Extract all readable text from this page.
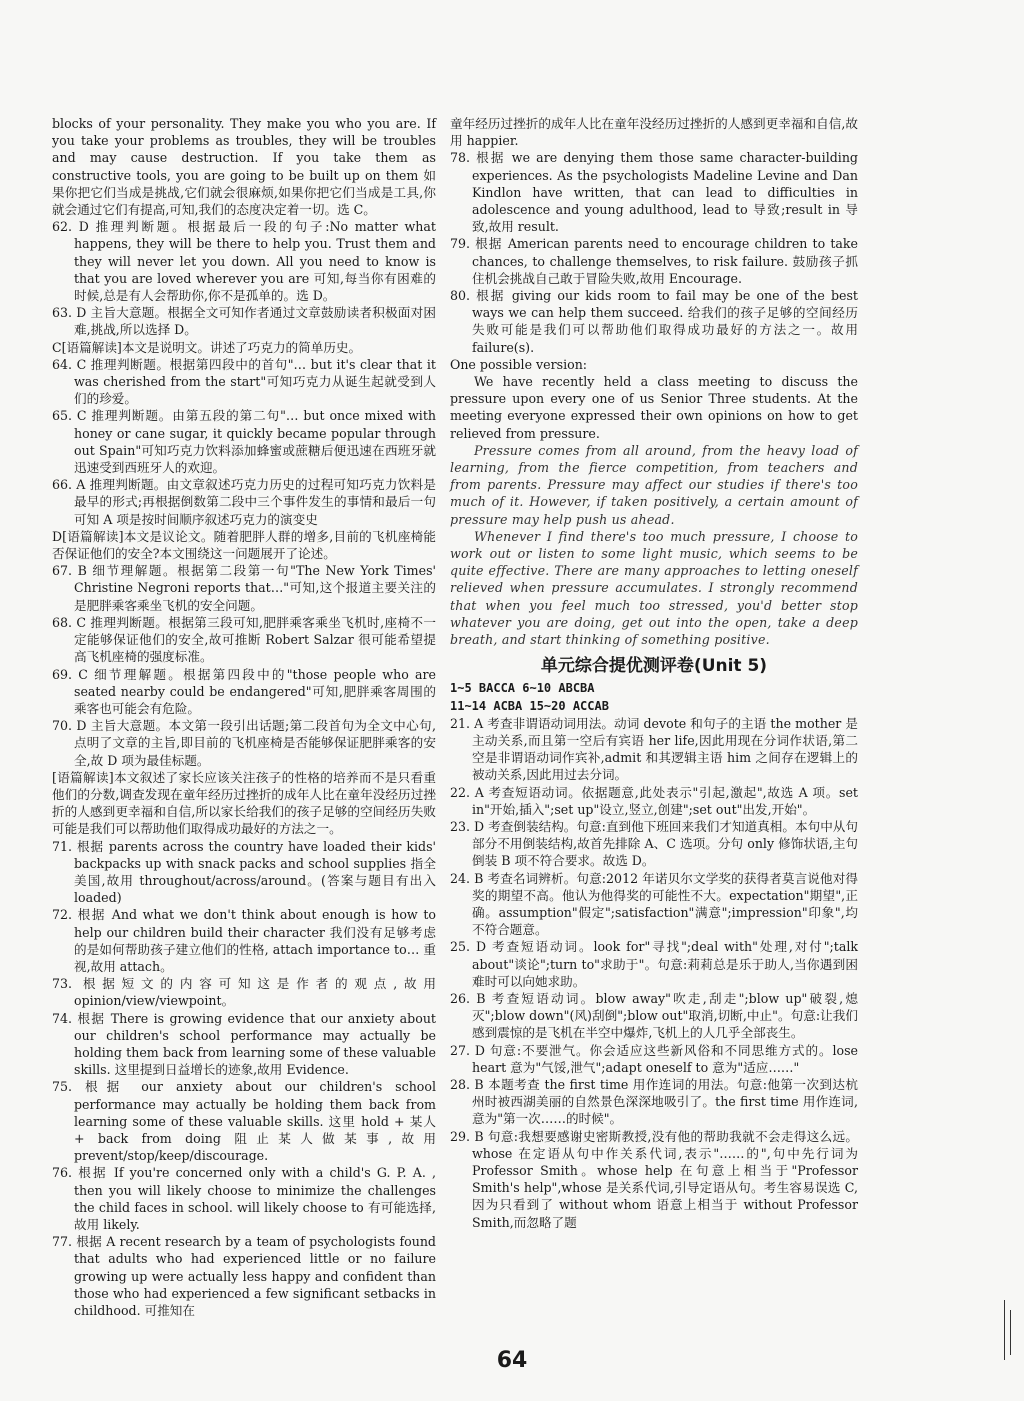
blocks of your personality. They make you who you are. If you take your problems as troubles, they will be troubles and may cause destruction. If you take them as constructive tools, you are going to be built up on them 如果你把它们当成是挑战,它们就会很麻烦,如果你把它们当成是工具,你就会通过它们有提高,可知,我们的态度决定着一切。选 C。

62. D 推理判断题。根据最后一段的句子:No matter what happens, they will be there to help you. Trust them and they will never let you down. All you need to know is that you are loved wherever you are 可知,每当你有困难的时候,总是有人会帮助你,你不是孤单的。选 D。

63. D 主旨大意题。根据全文可知作者通过文章鼓励读者积极面对困难,挑战,所以选择 D。

C[语篇解读]本文是说明文。讲述了巧克力的简单历史。

64. C 推理判断题。根据第四段中的首句"… but it's clear that it was cherished from the start"可知巧克力从诞生起就受到人们的珍爱。

65. C 推理判断题。由第五段的第二句"… but once mixed with honey or cane sugar, it quickly became popular through out Spain"可知巧克力饮料添加蜂蜜或蔗糖后便迅速在西班牙就迅速受到西班牙人的欢迎。

66. A 推理判断题。由文章叙述巧克力历史的过程可知巧克力饮料是最早的形式;再根据倒数第二段中三个事件发生的事情和最后一句可知 A 项是按时间顺序叙述巧克力的演变史

D[语篇解读]本文是议论文。随着肥胖人群的增多,目前的飞机座椅能否保证他们的安全?本文围绕这一问题展开了论述。

67. B 细节理解题。根据第二段第一句"The New York Times' Christine Negroni reports that…"可知,这个报道主要关注的是肥胖乘客乘坐飞机的安全问题。

68. C 推理判断题。根据第三段可知,肥胖乘客乘坐飞机时,座椅不一定能够保证他们的安全,故可推断 Robert Salzar 很可能希望提高飞机座椅的强度标准。

69. C 细节理解题。根据第四段中的"those people who are seated nearby could be endangered"可知,肥胖乘客周围的乘客也可能会有危险。

70. D 主旨大意题。本文第一段引出话题;第二段首句为全文中心句,点明了文章的主旨,即目前的飞机座椅是否能够保证肥胖乘客的安全,故 D 项为最佳标题。

[语篇解读]本文叙述了家长应该关注孩子的性格的培养而不是只看重他们的分数,调查发现在童年经历过挫折的成年人比在童年没经历过挫折的人感到更幸福和自信,所以家长给我们的孩子足够的空间经历失败可能是我们可以帮助他们取得成功最好的方法之一。

71. 根据 parents across the country have loaded their kids' backpacks up with snack packs and school supplies 指全美国,故用 throughout/across/around。(答案与题目有出入 loaded)

72. 根据 And what we don't think about enough is how to help our children build their character 我们没有足够考虑的是如何帮助孩子建立他们的性格, attach importance to… 重视,故用 attach。

73. 根据短文的内容可知这是作者的观点,故用 opinion/view/viewpoint。

74. 根据 There is growing evidence that our anxiety about our children's school performance may actually be holding them back from learning some of these valuable skills. 这里提到日益增长的迹象,故用 Evidence.

75. 根据 our anxiety about our children's school performance may actually be holding them back from learning some of these valuable skills. 这里 hold + 某人 + back from doing 阻止某人做某事,故用 prevent/stop/keep/discourage.

76. 根据 If you're concerned only with a child's G. P. A. , then you will likely choose to minimize the challenges the child faces in school. will likely choose to 有可能选择,故用 likely.

77. 根据 A recent research by a team of psychologists found that adults who had experienced little or no failure growing up were actually less happy and confident than those who had experienced a few significant setbacks in childhood. 可推知在

童年经历过挫折的成年人比在童年没经历过挫折的人感到更幸福和自信,故用 happier.

78. 根据 we are denying them those same character-building experiences. As the psychologists Madeline Levine and Dan Kindlon have written, that can lead to difficulties in adolescence and young adulthood, lead to 导致;result in 导致,故用 result.

79. 根据 American parents need to encourage children to take chances, to challenge themselves, to risk failure. 鼓励孩子抓住机会挑战自己敢于冒险失败,故用 Encourage.

80. 根据 giving our kids room to fail may be one of the best ways we can help them succeed. 给我们的孩子足够的空间经历失败可能是我们可以帮助他们取得成功最好的方法之一。故用 failure(s).

One possible version:

We have recently held a class meeting to discuss the pressure upon every one of us Senior Three students. At the meeting everyone expressed their own opinions on how to get relieved from pressure.

Pressure comes from all around, from the heavy load of learning, from the fierce competition, from teachers and from parents. Pressure may affect our studies if there's too much of it. However, if taken positively, a certain amount of pressure may help push us ahead.

Whenever I find there's too much pressure, I choose to work out or listen to some light music, which seems to be quite effective. There are many approaches to letting oneself relieved when pressure accumulates. I strongly recommend that when you feel much too stressed, you'd better stop whatever you are doing, get out into the open, take a deep breath, and start thinking of something positive.

单元综合提优测评卷(Unit 5)
1~5 BACCA 6~10 ABCBA
11~14 ACBA 15~20 ACCAB

21. A 考查非谓语动词用法。动词 devote 和句子的主语 the mother 是主动关系,而且第一空后有宾语 her life,因此用现在分词作状语,第二空是非谓语动词作宾补,admit 和其逻辑主语 him 之间存在逻辑上的被动关系,因此用过去分词。

22. A 考查短语动词。依据题意,此处表示"引起,激起",故选 A 项。set in"开始,插入";set up"设立,竖立,创建";set out"出发,开始"。

23. D 考查倒装结构。句意:直到他下班回来我们才知道真相。本句中从句部分不用倒装结构,故首先排除 A、C 选项。分句 only 修饰状语,主句倒装 B 项不符合要求。故选 D。

24. B 考查名词辨析。句意:2012 年诺贝尔文学奖的获得者莫言说他对得奖的期望不高。他认为他得奖的可能性不大。expectation"期望",正确。assumption"假定";satisfaction"满意";impression"印象",均不符合题意。

25. D 考查短语动词。look for"寻找";deal with"处理,对付";talk about"谈论";turn to"求助于"。句意:莉莉总是乐于助人,当你遇到困难时可以向她求助。

26. B 考查短语动词。blow away"吹走,刮走";blow up"破裂,熄灭";blow down"(风)刮倒";blow out"取消,切断,中止"。句意:让我们感到震惊的是飞机在半空中爆炸,飞机上的人几乎全部丧生。

27. D 句意:不要泄气。你会适应这些新风俗和不同思维方式的。lose heart 意为"气馁,泄气";adapt oneself to 意为"适应……"

28. B 本题考查 the first time 用作连词的用法。句意:他第一次到达杭州时被西湖美丽的自然景色深深地吸引了。the first time 用作连词,意为"第一次……的时候"。

29. B 句意:我想要感谢史密斯教授,没有他的帮助我就不会走得这么远。whose 在定语从句中作关系代词,表示"……的",句中先行词为 Professor Smith。whose help 在句意上相当于"Professor Smith's help",whose 是关系代词,引导定语从句。考生容易误选 C,因为只看到了 without whom 语意上相当于 without Professor Smith,而忽略了题

64
